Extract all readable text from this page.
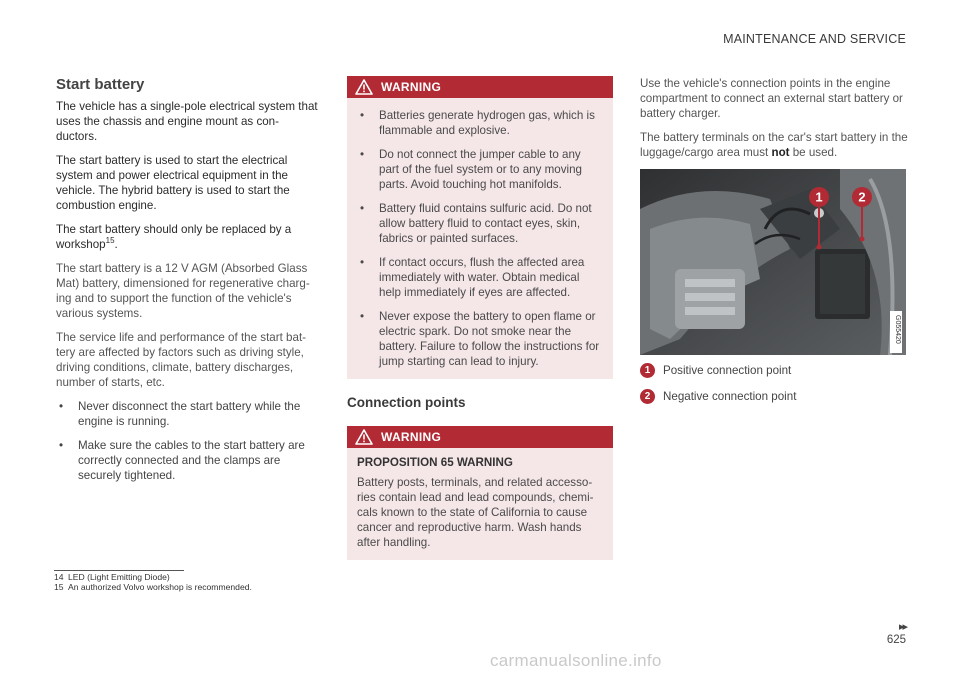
MAINTENANCE AND SERVICE
Start battery

The vehicle has a single-pole electrical system that uses the chassis and engine mount as con-ductors.

The start battery is used to start the electrical system and power electrical equipment in the vehicle. The hybrid battery is used to start the combustion engine.

The start battery should only be replaced by a workshop$^{15}$.

The start battery is a 12 V AGM (Absorbed Glass Mat) battery, dimensioned for regenerative charg-ing and to support the function of the vehicle's various systems.

The service life and performance of the start bat-tery are affected by factors such as driving style, driving conditions, climate, battery discharges, number of starts, etc.

• Never disconnect the start battery while the engine is running.
• Make sure the cables to the start battery are correctly connected and the clamps are securely tightened.
WARNING
• Batteries generate hydrogen gas, which is flammable and explosive.
• Do not connect the jumper cable to any part of the fuel system or to any moving parts. Avoid touching hot manifolds.
• Battery fluid contains sulfuric acid. Do not allow battery fluid to contact eyes, skin, fabrics or painted surfaces.
• If contact occurs, flush the affected area immediately with water. Obtain medical help immediately if eyes are affected.
• Never expose the battery to open flame or electric spark. Do not smoke near the battery. Failure to follow the instructions for jump starting can lead to injury.
Connection points
WARNING
PROPOSITION 65 WARNING

Battery posts, terminals, and related accesso-ries contain lead and lead compounds, chemi-cals known to the state of California to cause cancer and reproductive harm. Wash hands after handling.

Use the vehicle's connection points in the engine compartment to connect an external start battery or battery charger.

The battery terminals on the car's start battery in the luggage/cargo area must not be used.

1	2
G055420
1	Positive connection point
2	Negative connection point
14 LED (Light Emitting Diode)
15 An authorized Volvo workshop is recommended.
▸▸
625
carmanualsonline.info
